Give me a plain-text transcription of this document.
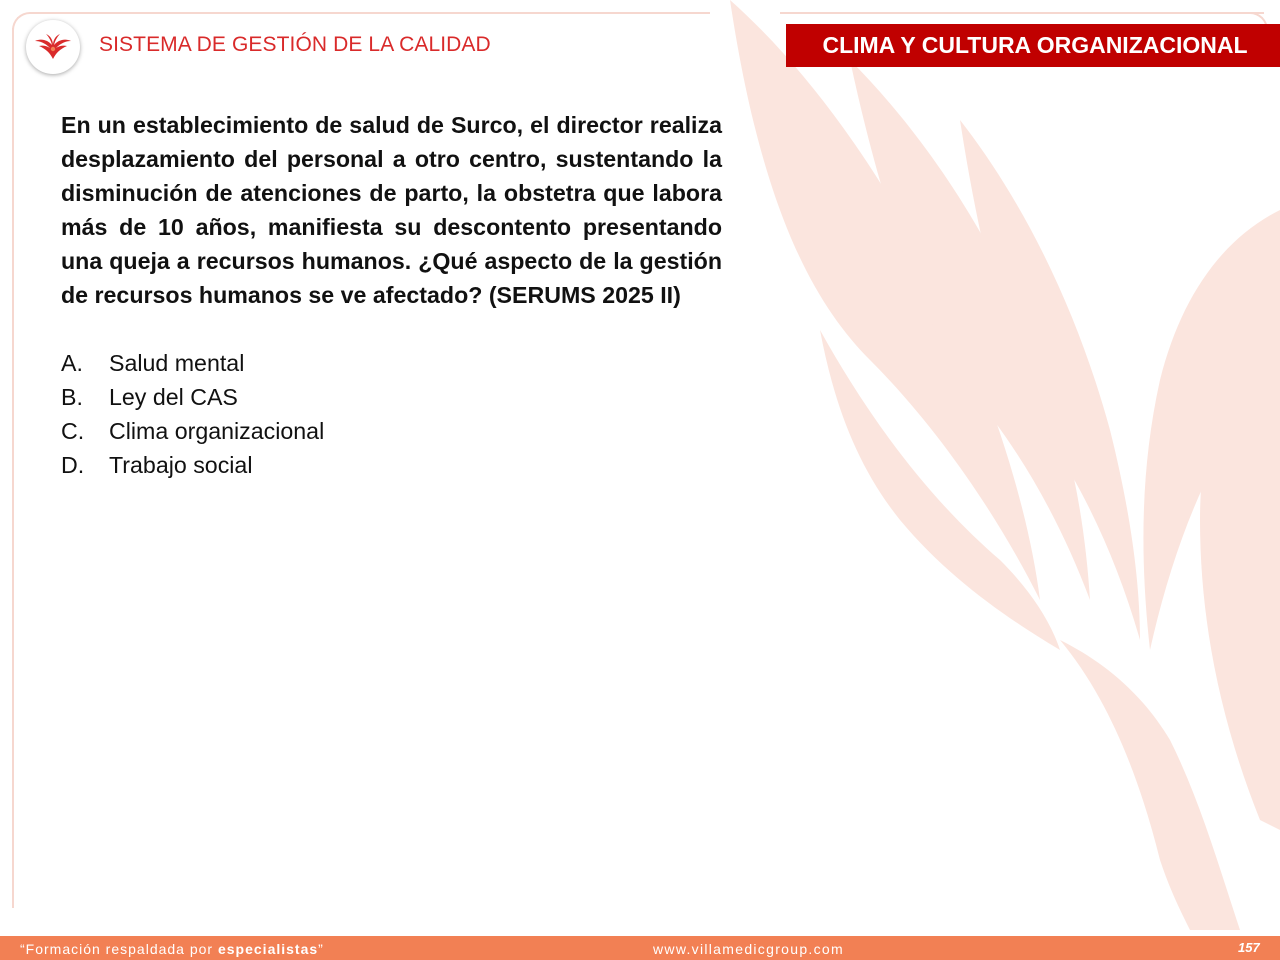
SISTEMA DE GESTIÓN DE LA CALIDAD	CLIMA Y CULTURA ORGANIZACIONAL

En un establecimiento de salud de Surco, el director realiza desplazamiento del personal a otro centro, sustentando la disminución de atenciones de parto, la obstetra que labora más de 10 años, manifiesta su descontento presentando una queja a recursos humanos. ¿Qué aspecto de la gestión de recursos humanos se ve afectado? (SERUMS 2025 II)

A.	Salud mental
B.	Ley del CAS
C.	Clima organizacional
D.	Trabajo social
“Formación respaldada por especialistas”	www.villamedicgroup.com	157
